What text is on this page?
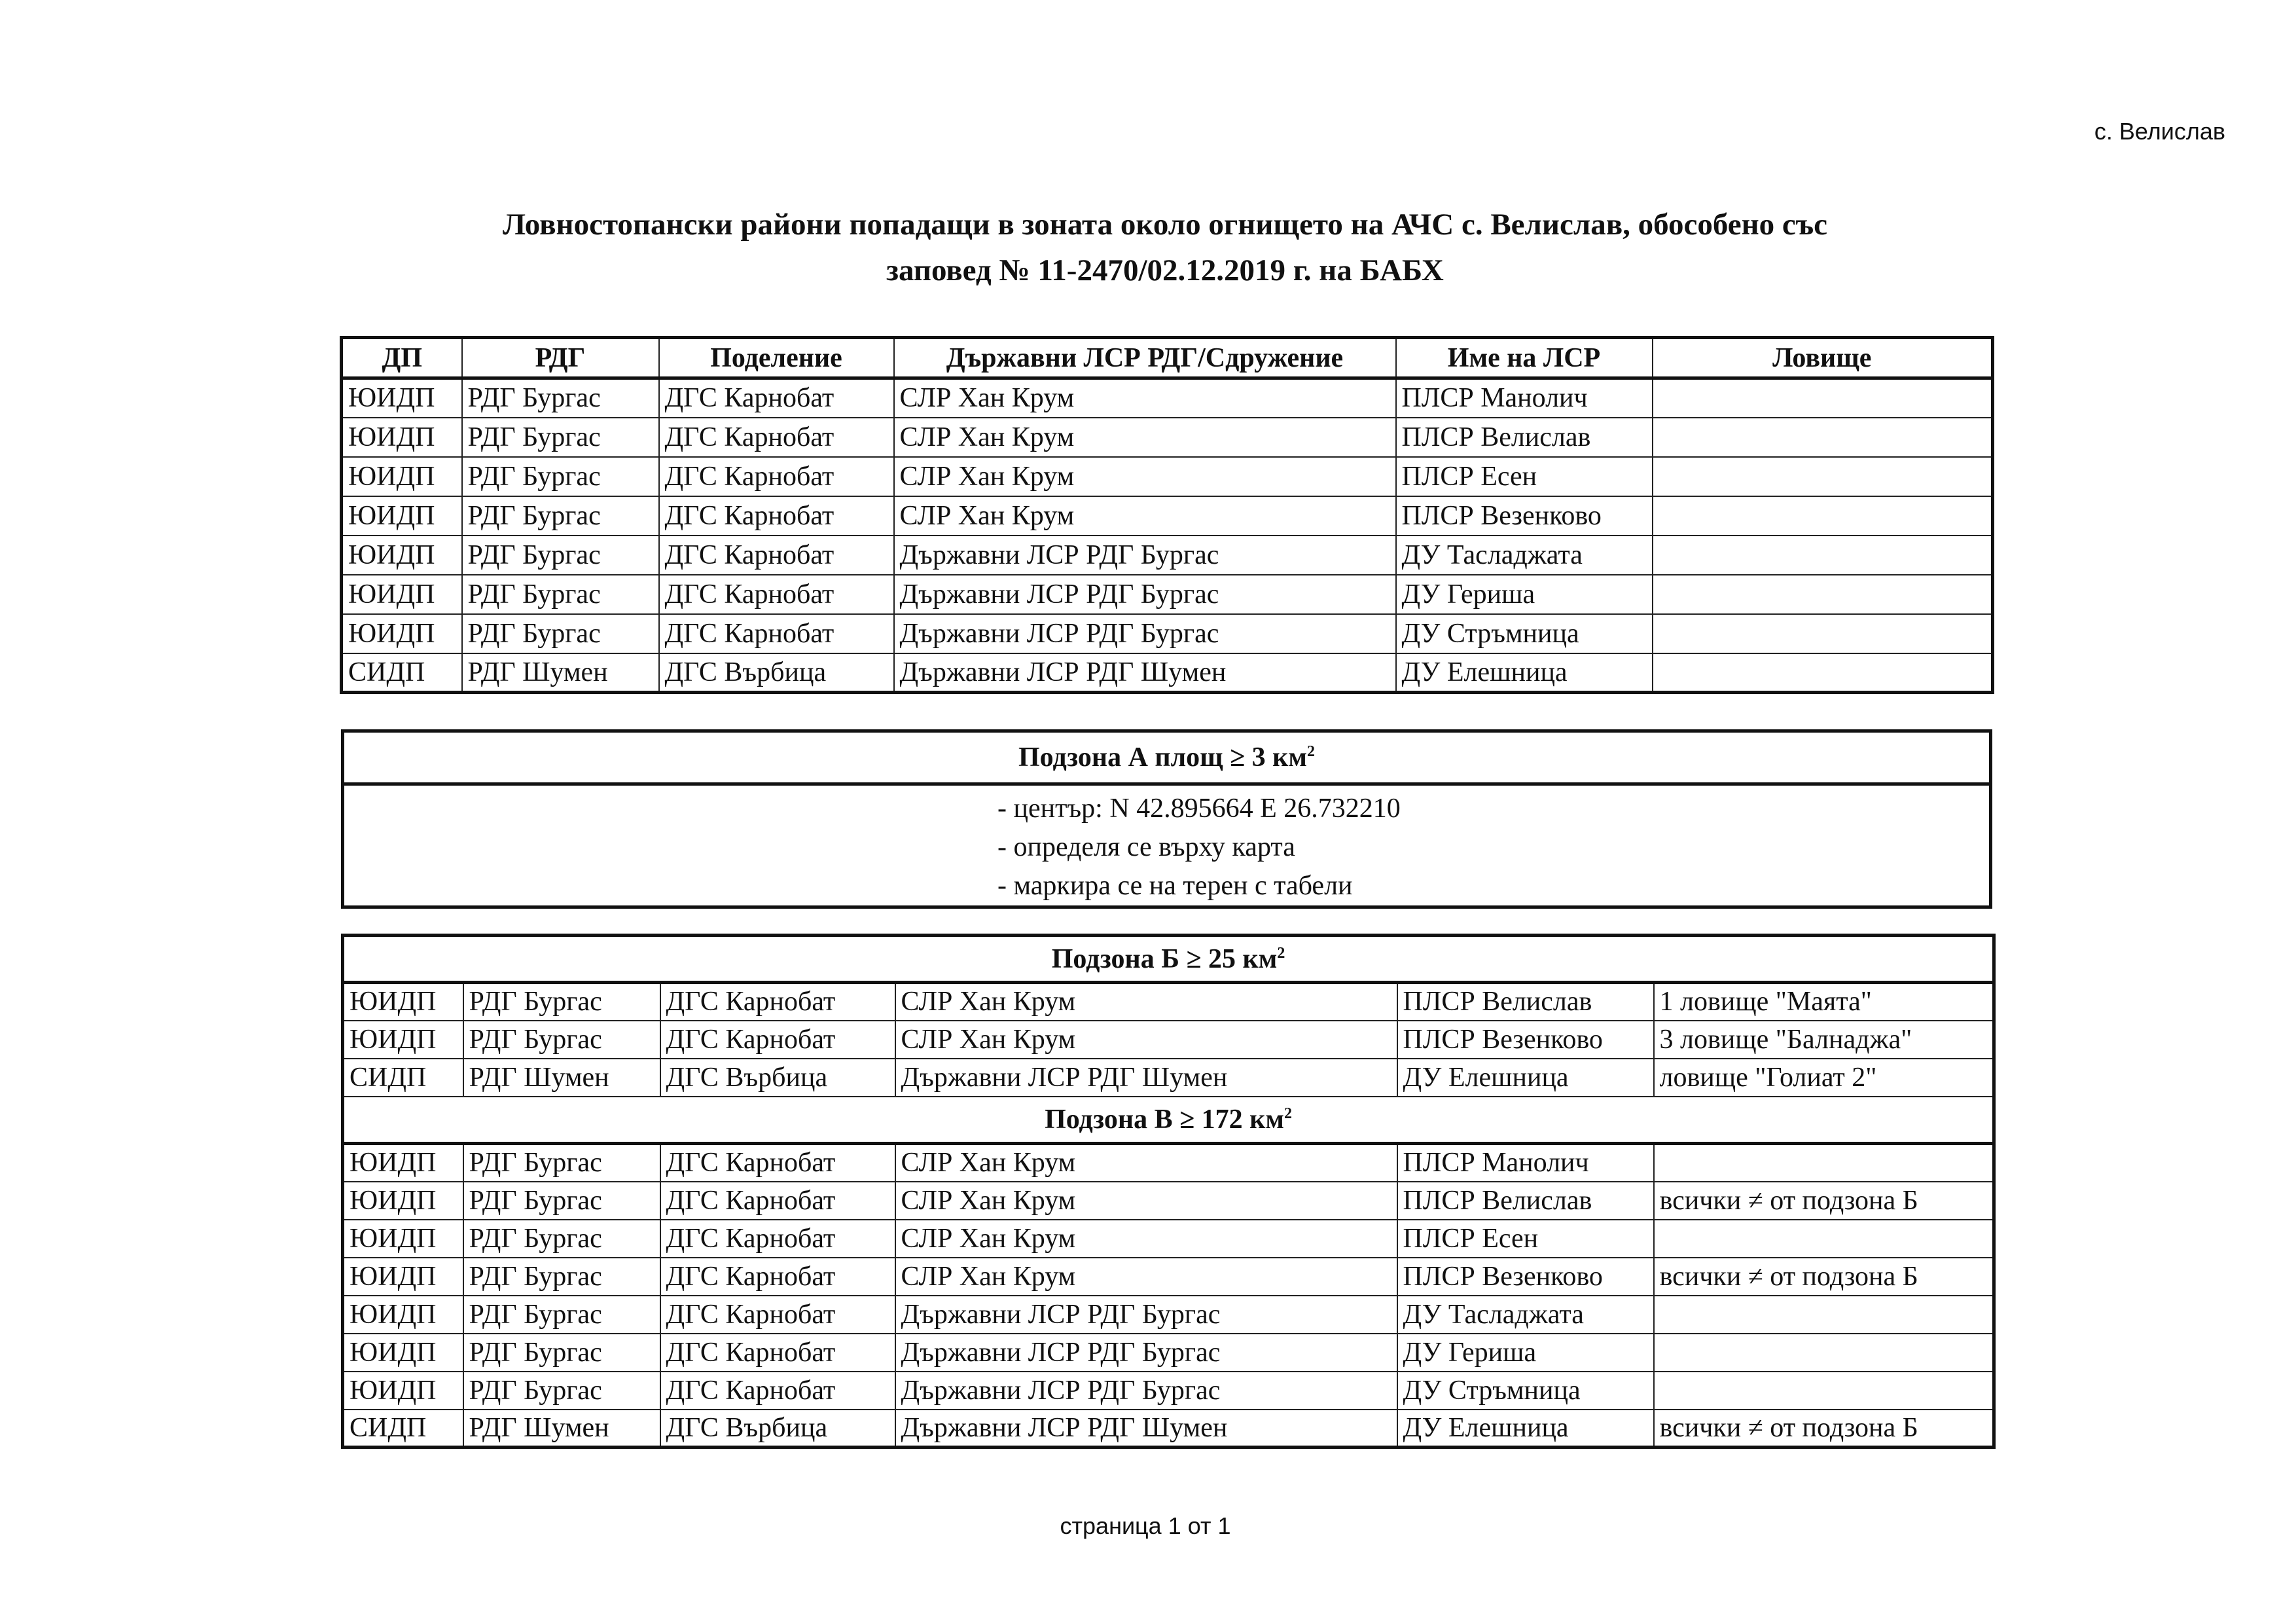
с. Велислав
Ловностопански райони попадащи в зоната около огнището на АЧС с. Велислав, обособено със
заповед № 11-2470/02.12.2019 г. на БАБХ
ДП	РДГ	Поделение	Държавни ЛСР РДГ/Сдружение	Име на ЛСР	Ловище
ЮИДП	РДГ Бургас	ДГС Карнобат	СЛР Хан Крум	ПЛСР Манолич	
ЮИДП	РДГ Бургас	ДГС Карнобат	СЛР Хан Крум	ПЛСР Велислав	
ЮИДП	РДГ Бургас	ДГС Карнобат	СЛР Хан Крум	ПЛСР Есен	
ЮИДП	РДГ Бургас	ДГС Карнобат	СЛР Хан Крум	ПЛСР Везенково	
ЮИДП	РДГ Бургас	ДГС Карнобат	Държавни ЛСР РДГ Бургас	ДУ Тасладжата	
ЮИДП	РДГ Бургас	ДГС Карнобат	Държавни ЛСР РДГ Бургас	ДУ Гериша	
ЮИДП	РДГ Бургас	ДГС Карнобат	Държавни ЛСР РДГ Бургас	ДУ Стръмница	
СИДП	РДГ Шумен	ДГС Върбица	Държавни ЛСР РДГ Шумен	ДУ Елешница	
Подзона А площ ≥ 3 $км^2$

- център: N 42.895664 E 26.732210
- определя се върху карта
- маркира се на терен с табели
Подзона Б ≥ 25 $км^2$
ЮИДП	РДГ Бургас	ДГС Карнобат	СЛР Хан Крум	ПЛСР Велислав	1 ловище "Маята"
ЮИДП	РДГ Бургас	ДГС Карнобат	СЛР Хан Крум	ПЛСР Везенково	3 ловище "Балнаджа"
СИДП	РДГ Шумен	ДГС Върбица	Държавни ЛСР РДГ Шумен	ДУ Елешница	ловище "Голиат 2"
Подзона В ≥ 172 $км^2$
ЮИДП	РДГ Бургас	ДГС Карнобат	СЛР Хан Крум	ПЛСР Манолич	
ЮИДП	РДГ Бургас	ДГС Карнобат	СЛР Хан Крум	ПЛСР Велислав	всички ≠ от подзона Б
ЮИДП	РДГ Бургас	ДГС Карнобат	СЛР Хан Крум	ПЛСР Есен	
ЮИДП	РДГ Бургас	ДГС Карнобат	СЛР Хан Крум	ПЛСР Везенково	всички ≠ от подзона Б
ЮИДП	РДГ Бургас	ДГС Карнобат	Държавни ЛСР РДГ Бургас	ДУ Тасладжата	
ЮИДП	РДГ Бургас	ДГС Карнобат	Държавни ЛСР РДГ Бургас	ДУ Гериша	
ЮИДП	РДГ Бургас	ДГС Карнобат	Държавни ЛСР РДГ Бургас	ДУ Стръмница	
СИДП	РДГ Шумен	ДГС Върбица	Държавни ЛСР РДГ Шумен	ДУ Елешница	всички ≠ от подзона Б
страница 1 от 1
